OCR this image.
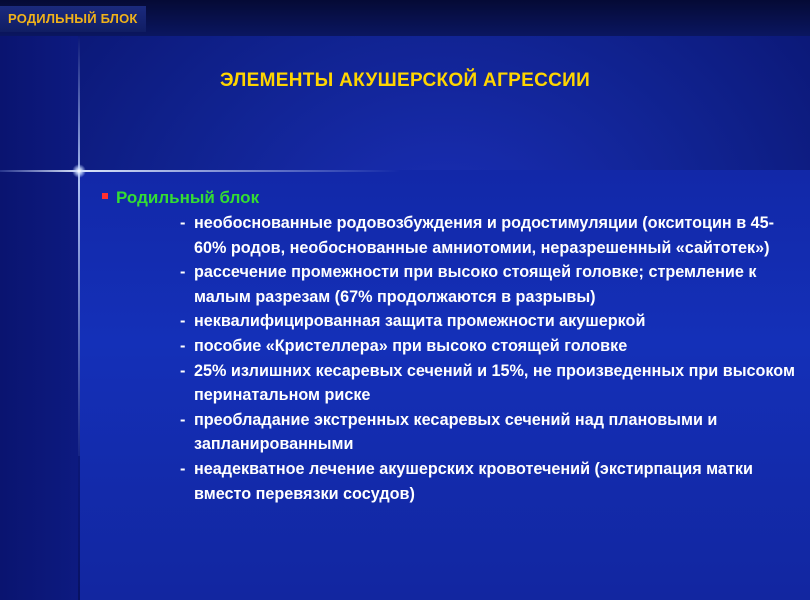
РОДИЛЬНЫЙ БЛОК
ЭЛЕМЕНТЫ АКУШЕРСКОЙ АГРЕССИИ
Родильный блок
- необоснованные родовозбуждения и родостимуляции (окситоцин в 45-60% родов, необоснованные амниотомии, неразрешенный «сайтотек»)
- рассечение промежности при высоко стоящей головке; стремление к малым разрезам (67% продолжаются в разрывы)
- неквалифицированная защита промежности акушеркой
- пособие «Кристеллера» при высоко стоящей головке
- 25% излишних кесаревых сечений и 15%, не произведенных при высоком перинатальном риске
- преобладание экстренных кесаревых сечений над плановыми и запланированными
- неадекватное лечение акушерских кровотечений (экстирпация матки вместо перевязки сосудов)
